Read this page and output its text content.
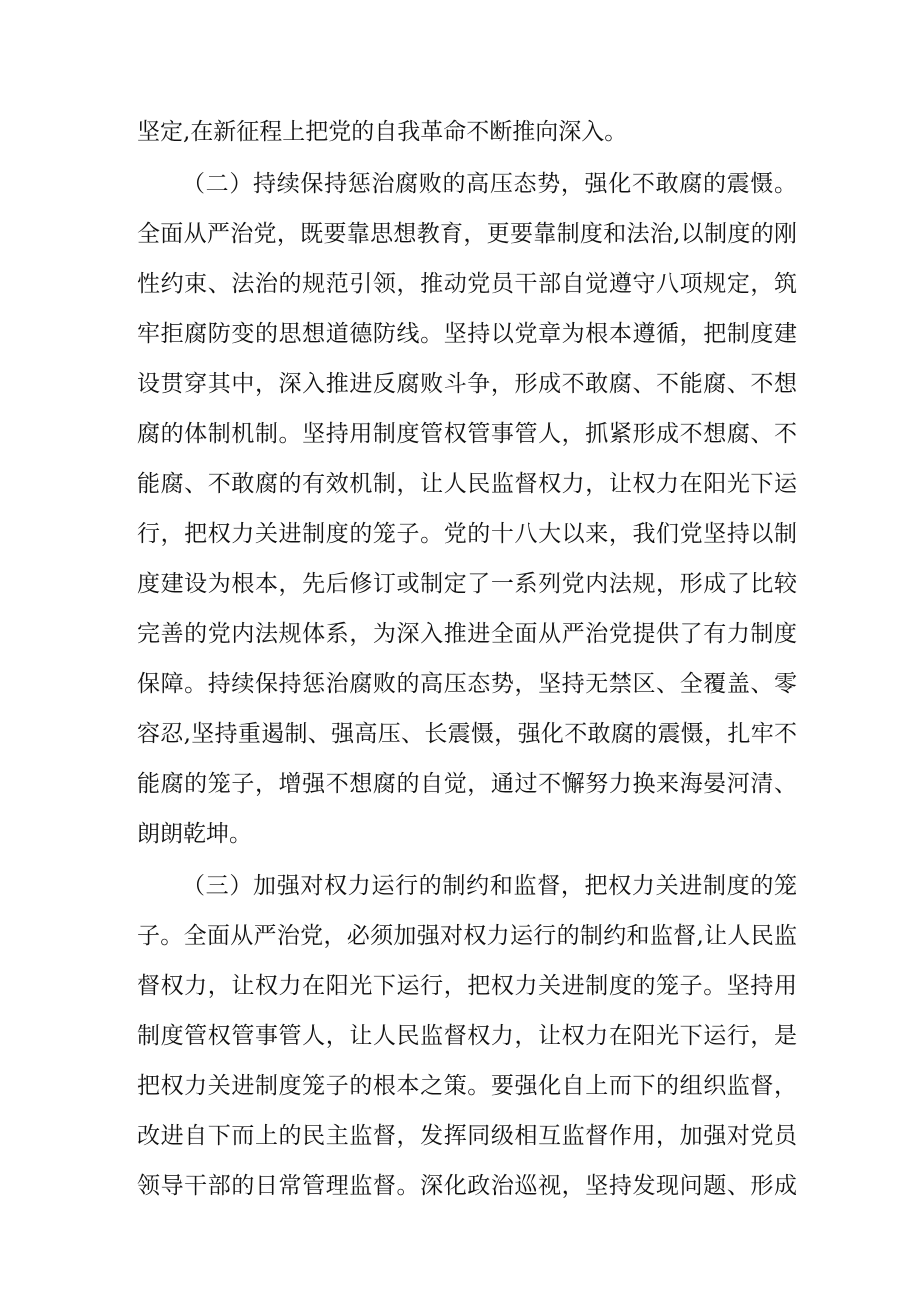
坚定,在新征程上把党的自我革命不断推向深入。

（二）持续保持惩治腐败的高压态势，强化不敢腐的震慑。

全面从严治党，既要靠思想教育，更要靠制度和法治,以制度的刚

性约束、法治的规范引领，推动党员干部自觉遵守八项规定，筑

牢拒腐防变的思想道德防线。坚持以党章为根本遵循，把制度建

设贯穿其中，深入推进反腐败斗争，形成不敢腐、不能腐、不想

腐的体制机制。坚持用制度管权管事管人，抓紧形成不想腐、不

能腐、不敢腐的有效机制，让人民监督权力，让权力在阳光下运

行，把权力关进制度的笼子。党的十八大以来，我们党坚持以制

度建设为根本，先后修订或制定了一系列党内法规，形成了比较

完善的党内法规体系，为深入推进全面从严治党提供了有力制度

保障。持续保持惩治腐败的高压态势，坚持无禁区、全覆盖、零

容忍,坚持重遏制、强高压、长震慑，强化不敢腐的震慑，扎牢不

能腐的笼子，增强不想腐的自觉，通过不懈努力换来海晏河清、

朗朗乾坤。

（三）加强对权力运行的制约和监督，把权力关进制度的笼

子。全面从严治党，必须加强对权力运行的制约和监督,让人民监

督权力，让权力在阳光下运行，把权力关进制度的笼子。坚持用

制度管权管事管人，让人民监督权力，让权力在阳光下运行，是

把权力关进制度笼子的根本之策。要强化自上而下的组织监督，

改进自下而上的民主监督，发挥同级相互监督作用，加强对党员

领导干部的日常管理监督。深化政治巡视，坚持发现问题、形成
